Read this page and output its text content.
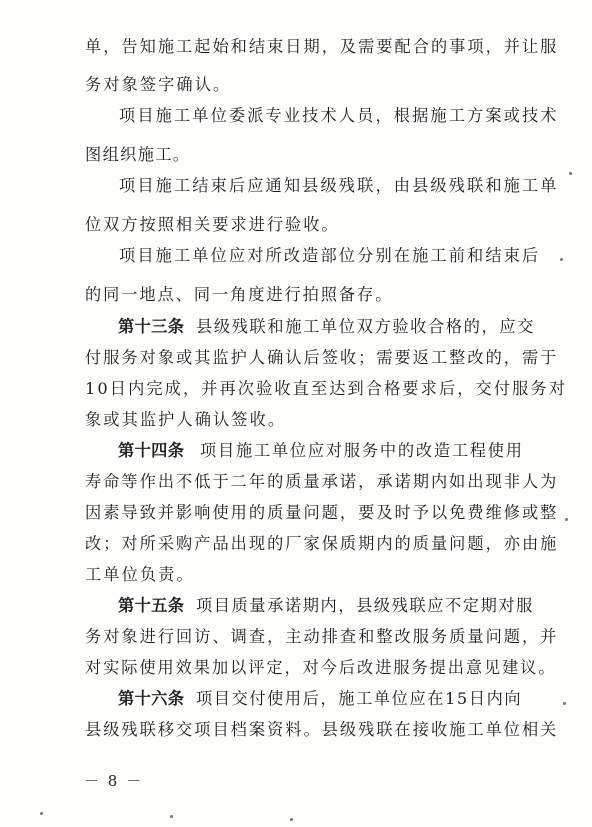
单，告知施工起始和结束日期，及需要配合的事项，并让服
务对象签字确认。
项目施工单位委派专业技术人员，根据施工方案或技术
图组织施工。
项目施工结束后应通知县级残联，由县级残联和施工单
位双方按照相关要求进行验收。
项目施工单位应对所改造部位分别在施工前和结束后
的同一地点、同一角度进行拍照备存。
第十三条 县级残联和施工单位双方验收合格的，应交
付服务对象或其监护人确认后签收；需要返工整改的，需于
10日内完成，并再次验收直至达到合格要求后，交付服务对
象或其监护人确认签收。
第十四条 项目施工单位应对服务中的改造工程使用
寿命等作出不低于二年的质量承诺，承诺期内如出现非人为
因素导致并影响使用的质量问题，要及时予以免费维修或整
改；对所采购产品出现的厂家保质期内的质量问题，亦由施
工单位负责。
第十五条 项目质量承诺期内，县级残联应不定期对服
务对象进行回访、调查，主动排查和整改服务质量问题，并
对实际使用效果加以评定，对今后改进服务提出意见建议。
第十六条 项目交付使用后，施工单位应在15日内向
县级残联移交项目档案资料。县级残联在接收施工单位相关
－ 8 －
